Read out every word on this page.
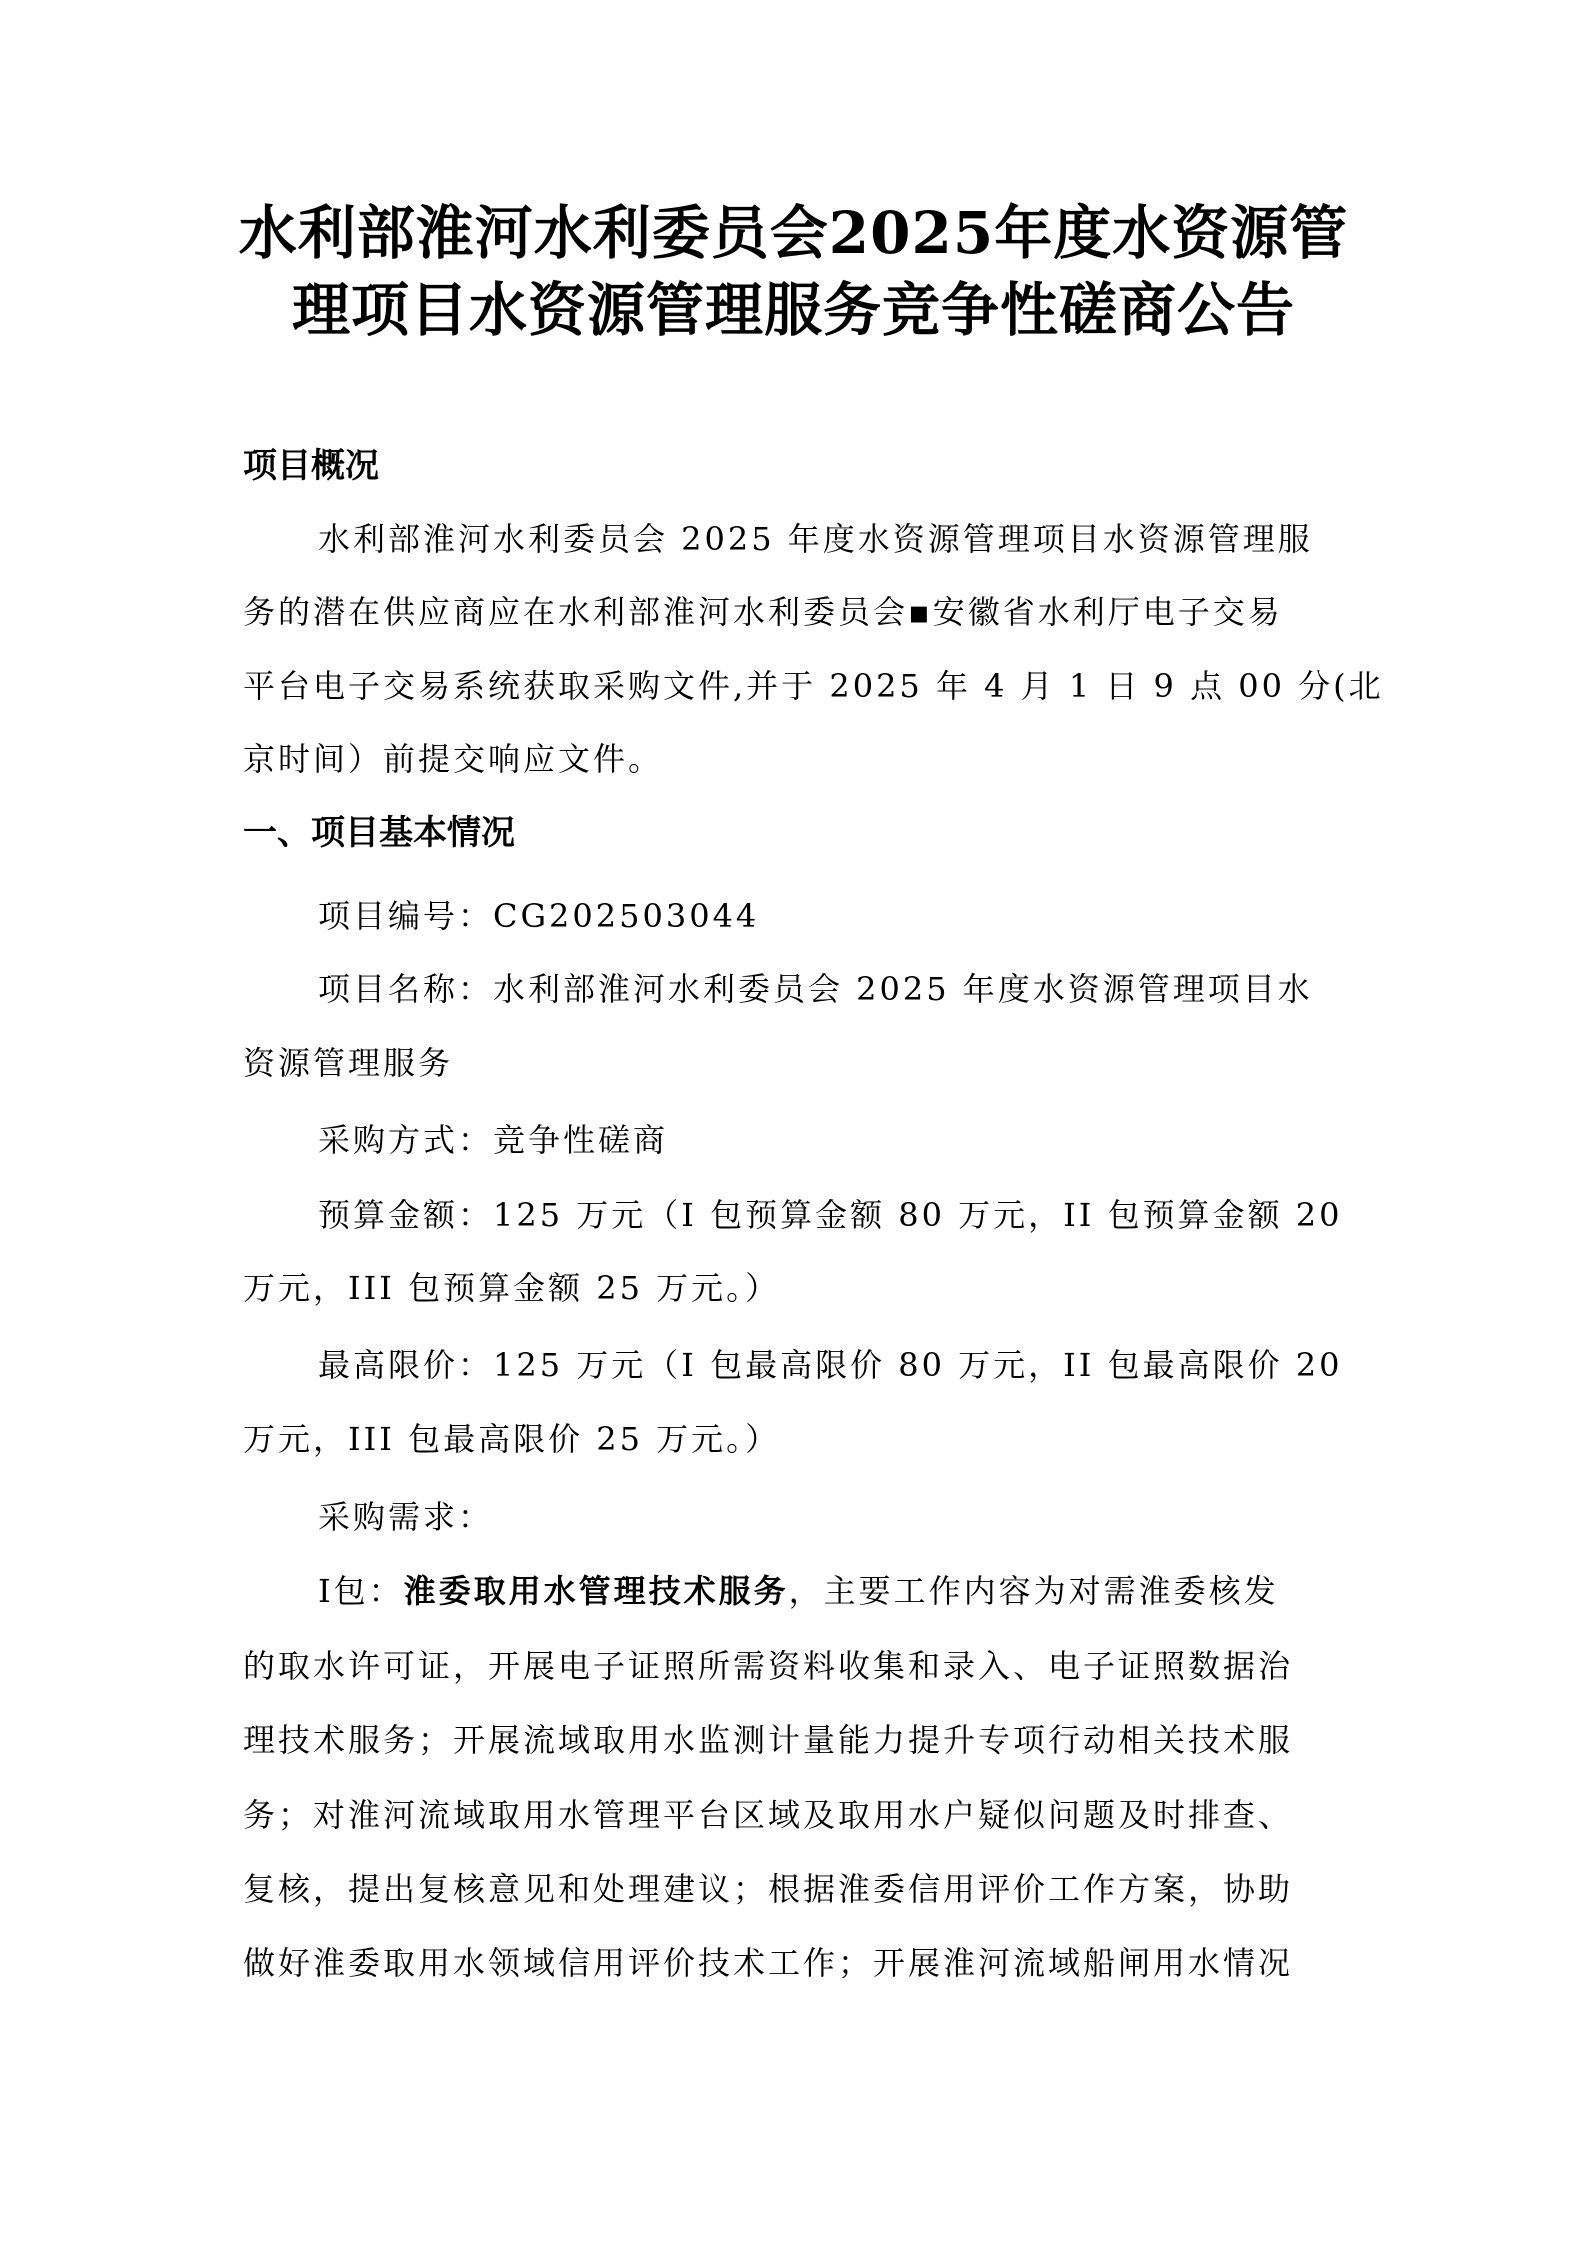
水利部淮河水利委员会2025年度水资源管
理项目水资源管理服务竞争性磋商公告

项目概况

水利部淮河水利委员会 2025 年度水资源管理项目水资源管理服

务的潜在供应商应在水利部淮河水利委员会▪安徽省水利厅电子交易

平台电子交易系统获取采购文件,并于 2025 年 4 月 1 日 9 点 00 分(北

京时间）前提交响应文件。

一、项目基本情况

项目编号：CG202503044

项目名称：水利部淮河水利委员会 2025 年度水资源管理项目水

资源管理服务

采购方式：竞争性磋商

预算金额：125 万元（I 包预算金额 80 万元，II 包预算金额 20

万元，III 包预算金额 25 万元。）

最高限价：125 万元（I 包最高限价 80 万元，II 包最高限价 20

万元，III 包最高限价 25 万元。）

采购需求：

Ⅰ包：淮委取用水管理技术服务，主要工作内容为对需淮委核发

的取水许可证，开展电子证照所需资料收集和录入、电子证照数据治

理技术服务；开展流域取用水监测计量能力提升专项行动相关技术服

务；对淮河流域取用水管理平台区域及取用水户疑似问题及时排查、

复核，提出复核意见和处理建议；根据淮委信用评价工作方案，协助

做好淮委取用水领域信用评价技术工作；开展淮河流域船闸用水情况
